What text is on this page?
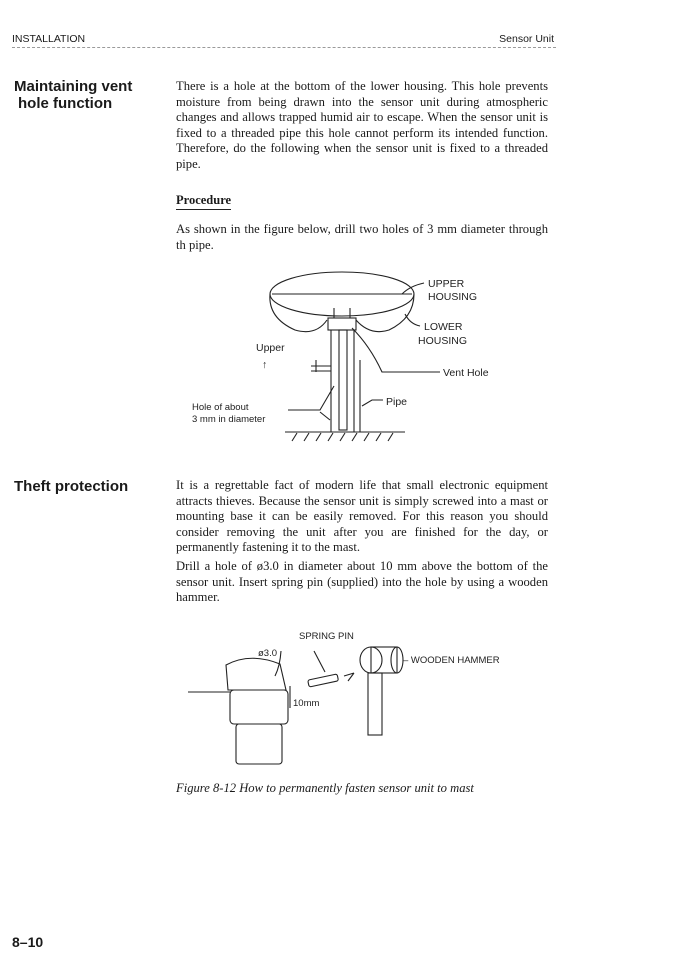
INSTALLATION	Sensor Unit
Maintaining vent
hole function
There is a hole at the bottom of the lower housing. This hole prevents moisture from being drawn into the sensor unit during atmospheric changes and allows trapped humid air to escape. When the sensor unit is fixed to a threaded pipe this hole cannot perform its intended function. Therefore, do the following when the sensor unit is fixed to a threaded pipe.
Procedure
As shown in the figure below, drill two holes of 3 mm diameter through th pipe.
UPPER
HOUSING
LOWER
HOUSING
Upper
↑
Vent Hole
Pipe
Hole of about
3 mm in diameter
SPRING PIN
ø3.0
– WOODEN HAMMER
10mm
Theft protection	It is a regrettable fact of modern life that small electronic equipment attracts thieves. Because the sensor unit is simply screwed into a mast or mounting base it can be easily removed. For this reason you should consider removing the unit after you are finished for the day, or permanently fastening it to the mast.
Drill a hole of ø3.0 in diameter about 10 mm above the bottom of the sensor unit. Insert spring pin (supplied) into the hole by using a wooden hammer.
Figure 8-12 How to permanently fasten sensor unit to mast
8–10
